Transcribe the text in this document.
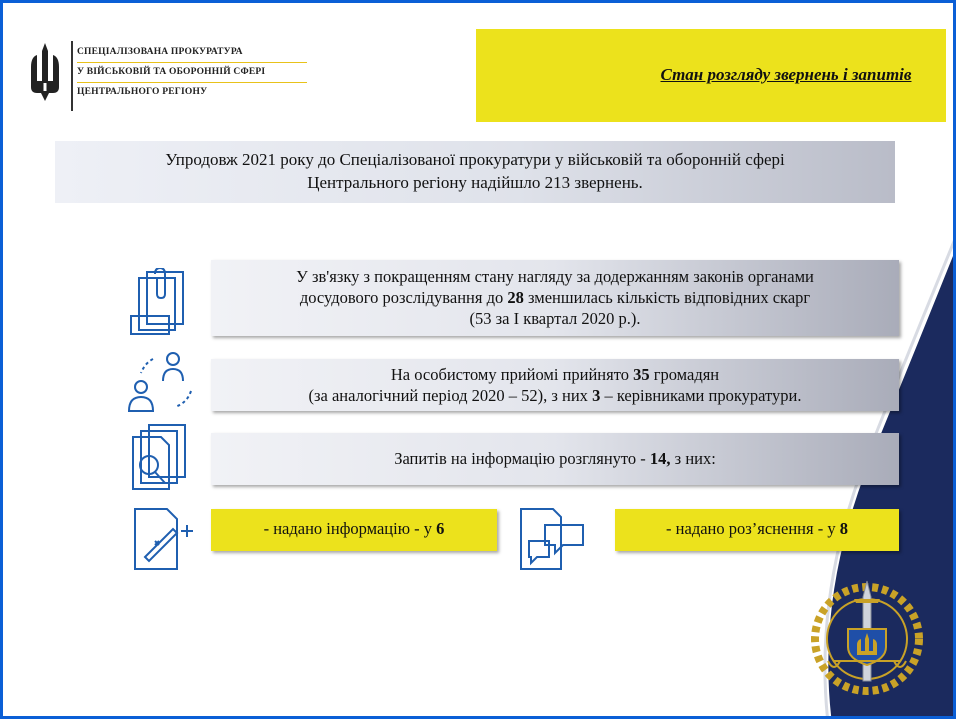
СПЕЦІАЛІЗОВАНА ПРОКУРАТУРА
У ВІЙСЬКОВІЙ ТА ОБОРОННІЙ СФЕРІ
ЦЕНТРАЛЬНОГО РЕГІОНУ
Стан розгляду звернень і запитів
Упродовж 2021 року до Спеціалізованої прокуратури у військовій та оборонній сфері
Центрального регіону надійшло 213 звернень.
У зв'язку з покращенням стану нагляду за додержанням законів органами
досудового розслідування до 28 зменшилась кількість відповідних скарг
(53 за І квартал 2020 р.).
На особистому прийомі прийнято 35 громадян
(за аналогічний період 2020 – 52), з них 3 – керівниками прокуратури.
Запитів на інформацію розглянуто - 14, з них:
- надано інформацію - у 6	- надано роз’яснення - у 8
